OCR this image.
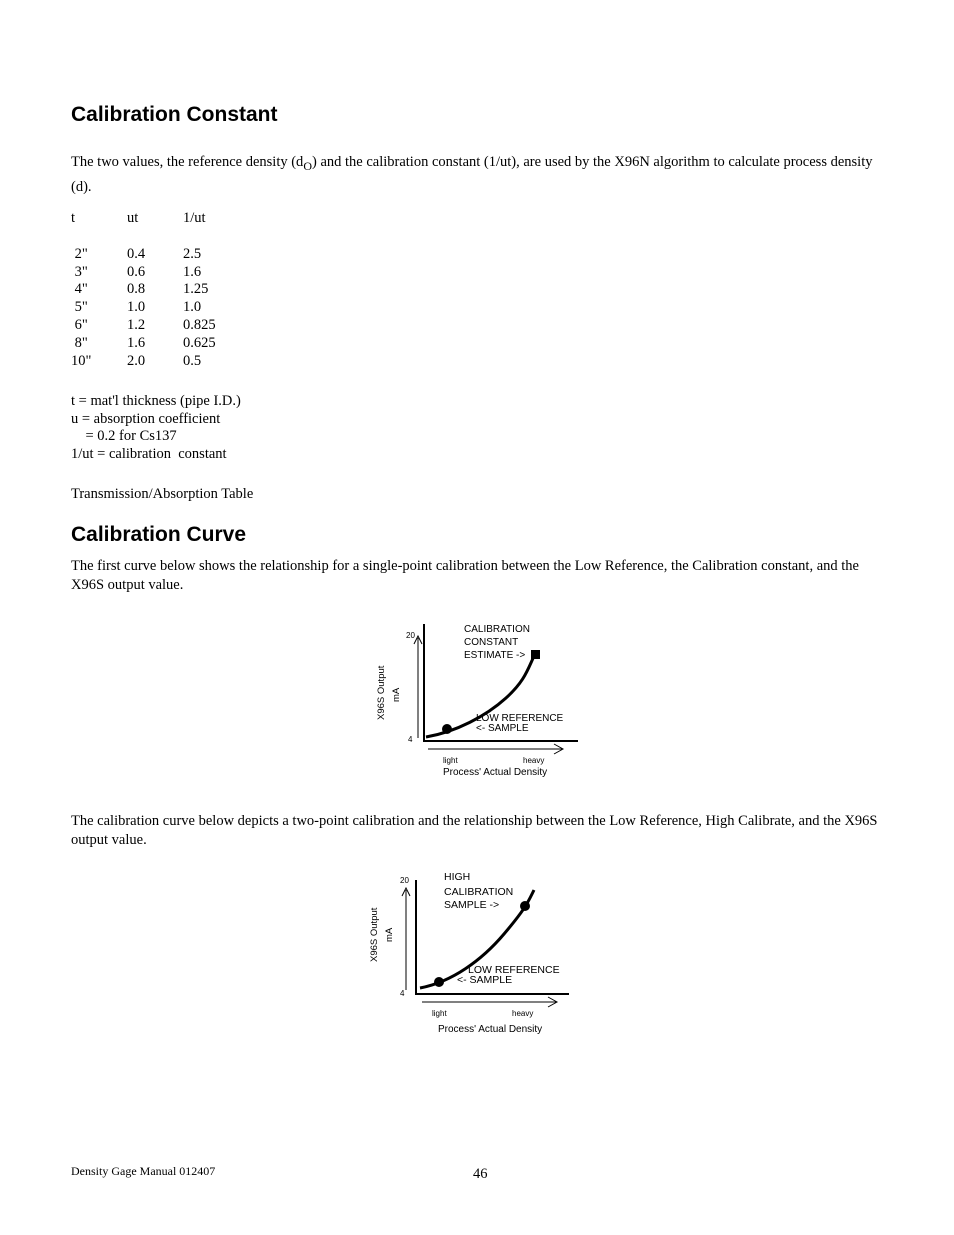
Calibration Constant
The two values, the reference density $(d_O)$ and the calibration constant (1/ut), are used by the X96N algorithm to calculate process density (d).
t	ut	1/ut

2"	0.4	2.5
3"	0.6	1.6
4"	0.8	1.25
5"	1.0	1.0
6"	1.2	0.825
8"	1.6	0.625
10"	2.0	0.5
t = mat'l thickness (pipe I.D.)
u = absorption coefficient
= 0.2 for Cs137
1/ut = calibration  constant
Transmission/Absorption Table
Calibration Curve
The first curve below shows the relationship for a single-point calibration between the Low Reference, the Calibration constant, and the X96S output value.
20
4
light	heavy
Process' Actual Density
X96S Output mA
CALIBRATION
CONSTANT
ESTIMATE ->
LOW REFERENCE
<- SAMPLE
The calibration curve below depicts a two-point calibration and the relationship between the Low Reference, High Calibrate, and the X96S output value.
20
4
light	heavy
Process' Actual Density
X96S Output mA
HIGH
CALIBRATION
SAMPLE ->
LOW REFERENCE
<- SAMPLE
Density Gage Manual 012407	46
